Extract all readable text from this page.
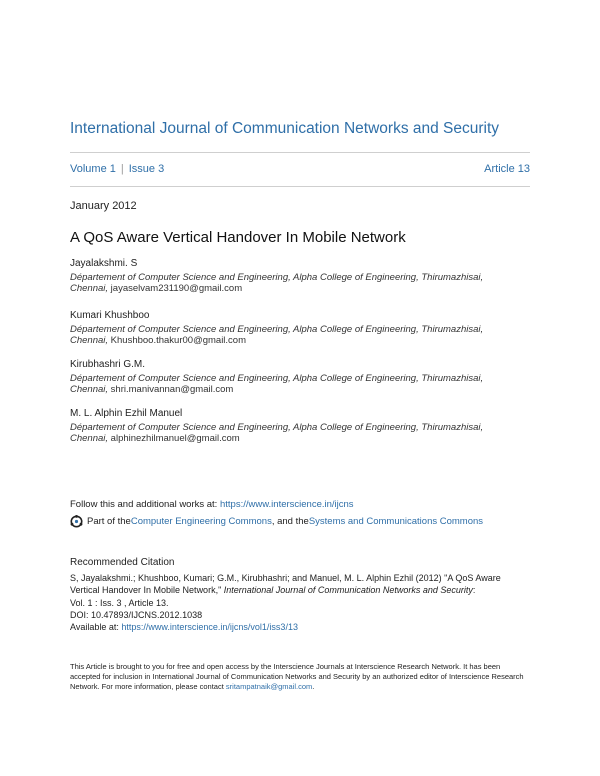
International Journal of Communication Networks and Security
Volume 1 | Issue 3	Article 13
January 2012
A QoS Aware Vertical Handover In Mobile Network
Jayalakshmi. S
Département of Computer Science and Engineering, Alpha College of Engineering, Thirumazhisai,
Chennai, jayaselvam231190@gmail.com
Kumari Khushboo
Département of Computer Science and Engineering, Alpha College of Engineering, Thirumazhisai,
Chennai, Khushboo.thakur00@gmail.com
Kirubhashri G.M.
Département of Computer Science and Engineering, Alpha College of Engineering, Thirumazhisai,
Chennai, shri.manivannan@gmail.com
M. L. Alphin Ezhil Manuel
Département of Computer Science and Engineering, Alpha College of Engineering, Thirumazhisai,
Chennai, alphinezhilmanuel@gmail.com
Follow this and additional works at: https://www.interscience.in/ijcns
Part of the Computer Engineering Commons , and the Systems and Communications Commons
Recommended Citation
S, Jayalakshmi.; Khushboo, Kumari; G.M., Kirubhashri; and Manuel, M. L. Alphin Ezhil (2012) "A QoS Aware Vertical Handover In Mobile Network," International Journal of Communication Networks and Security:
Vol. 1 : Iss. 3 , Article 13.
DOI: 10.47893/IJCNS.2012.1038
Available at: https://www.interscience.in/ijcns/vol1/iss3/13
This Article is brought to you for free and open access by the Interscience Journals at Interscience Research Network. It has been accepted for inclusion in International Journal of Communication Networks and Security by an authorized editor of Interscience Research Network. For more information, please contact sritampatnaik@gmail.com.
